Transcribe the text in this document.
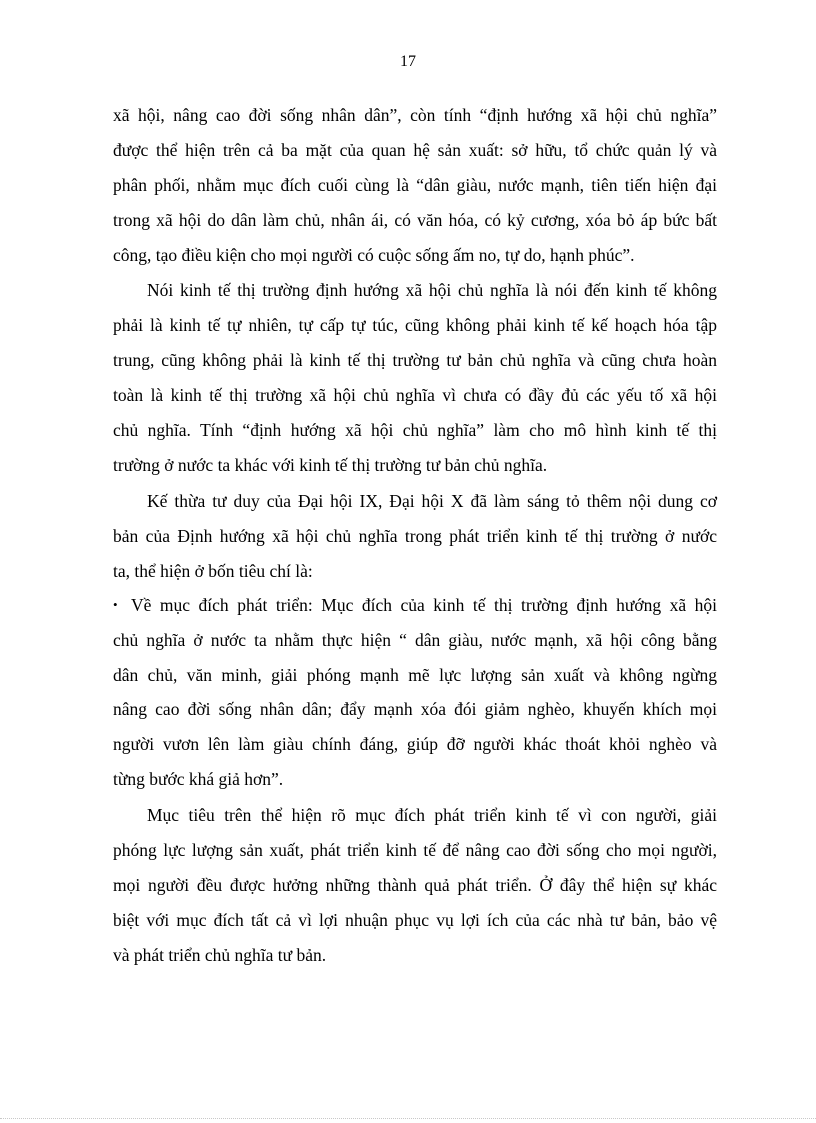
17

xã hội, nâng cao đời sống nhân dân”, còn tính “định hướng xã hội chủ nghĩa”

được thể hiện trên cả ba mặt của quan hệ sản xuất: sở hữu, tổ chức quản lý và

phân phối, nhằm mục đích cuối cùng là “dân giàu, nước mạnh, tiên tiến hiện đại

trong xã hội do dân làm chủ, nhân ái, có văn hóa, có kỷ cương, xóa bỏ áp bức bất

công, tạo điều kiện cho mọi người có cuộc sống ấm no, tự do, hạnh phúc”.

Nói kinh tế thị trường định hướng xã hội chủ nghĩa là nói đến kinh tế không

phải là kinh tế tự nhiên, tự cấp tự túc, cũng không phải kinh tế kế hoạch hóa tập

trung, cũng không phải là kinh tế thị trường tư bản chủ nghĩa và cũng chưa hoàn

toàn là kinh tế thị trường xã hội chủ nghĩa vì chưa có đầy đủ các yếu tố xã hội

chủ nghĩa. Tính “định hướng xã hội chủ nghĩa” làm cho mô hình kinh tế thị

trường ở nước ta khác với kinh tế thị trường tư bản chủ nghĩa.

Kế thừa tư duy của Đại hội IX, Đại hội X đã làm sáng tỏ thêm nội dung cơ

bản của Định hướng xã hội chủ nghĩa trong phát triển kinh tế thị trường ở nước

ta, thể hiện ở bốn tiêu chí là:

• Về mục đích phát triển: Mục đích của kinh tế thị trường định hướng xã hội

chủ nghĩa ở nước ta nhằm thực hiện “ dân giàu, nước mạnh, xã hội công bằng

dân chủ, văn minh, giải phóng mạnh mẽ lực lượng sản xuất và không ngừng

nâng cao đời sống nhân dân; đẩy mạnh xóa đói giảm nghèo, khuyến khích mọi

người vươn lên làm giàu chính đáng, giúp đỡ người khác thoát khỏi nghèo và

từng bước khá giả hơn”.

Mục tiêu trên thể hiện rõ mục đích phát triển kinh tế vì con người, giải

phóng lực lượng sản xuất, phát triển kinh tế để nâng cao đời sống cho mọi người,

mọi người đều được hưởng những thành quả phát triển. Ở đây thể hiện sự khác

biệt với mục đích tất cả vì lợi nhuận phục vụ lợi ích của các nhà tư bản, bảo vệ

và phát triển chủ nghĩa tư bản.
